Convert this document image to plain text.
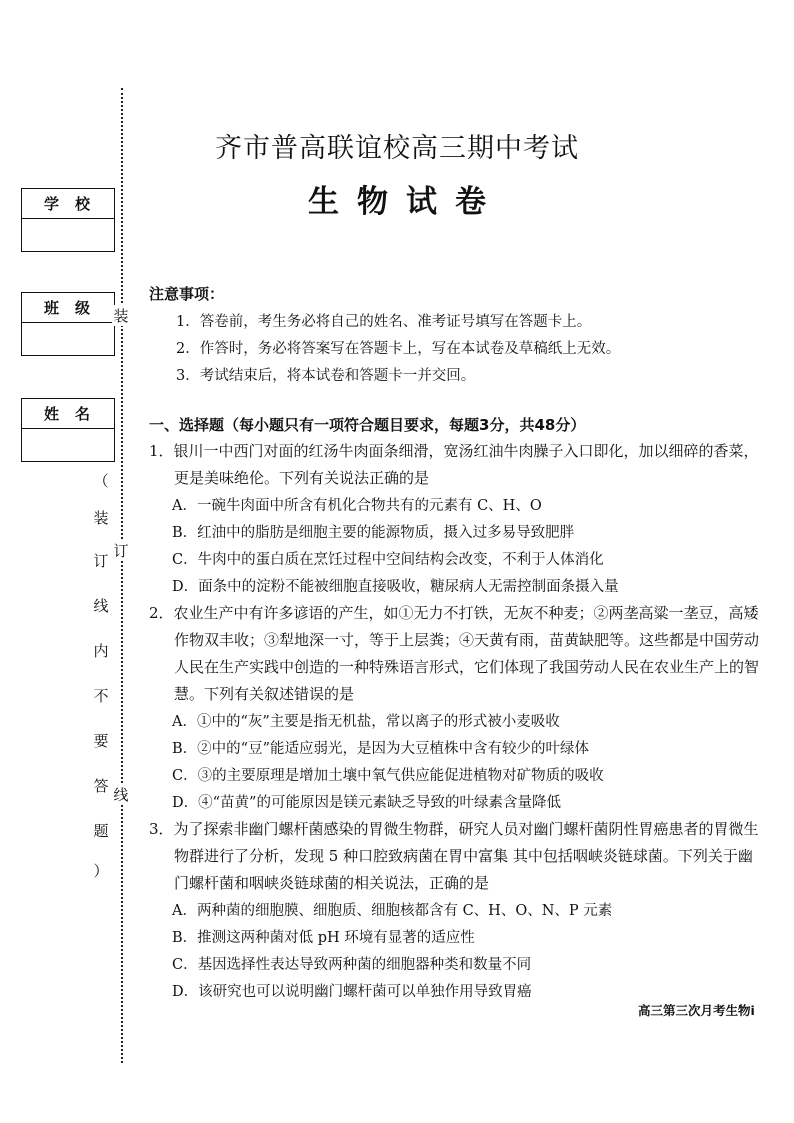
齐市普高联谊校高三期中考试
生物试卷
学校
班级
姓名
装
订
线
（
装
订
线
内
不
要
答
题
）
注意事项：
1．答卷前，考生务必将自己的姓名、准考证号填写在答题卡上。
2．作答时，务必将答案写在答题卡上，写在本试卷及草稿纸上无效。
3．考试结束后，将本试卷和答题卡一并交回。
一、选择题（每小题只有一项符合题目要求，每题3分，共48分）
1．银川一中西门对面的红汤牛肉面条细滑，宽汤红油牛肉臊子入口即化，加以细碎的香菜，
更是美味绝伦。下列有关说法正确的是
A．一碗牛肉面中所含有机化合物共有的元素有 C、H、O
B．红油中的脂肪是细胞主要的能源物质，摄入过多易导致肥胖
C．牛肉中的蛋白质在烹饪过程中空间结构会改变，不利于人体消化
D．面条中的淀粉不能被细胞直接吸收，糖尿病人无需控制面条摄入量
2．农业生产中有许多谚语的产生，如①无力不打铁，无灰不种麦；②两垄高粱一垄豆，高矮
作物双丰收；③犁地深一寸，等于上层粪；④天黄有雨，苗黄缺肥等。这些都是中国劳动
人民在生产实践中创造的一种特殊语言形式，它们体现了我国劳动人民在农业生产上的智
慧。下列有关叙述错误的是
A．①中的“灰”主要是指无机盐，常以离子的形式被小麦吸收
B．②中的“豆”能适应弱光，是因为大豆植株中含有较少的叶绿体
C．③的主要原理是增加土壤中氧气供应能促进植物对矿物质的吸收
D．④“苗黄”的可能原因是镁元素缺乏导致的叶绿素含量降低
3．为了探索非幽门螺杆菌感染的胃微生物群，研究人员对幽门螺杆菌阴性胃癌患者的胃微生
物群进行了分析，发现 5 种口腔致病菌在胃中富集 其中包括咽峡炎链球菌。下列关于幽
门螺杆菌和咽峡炎链球菌的相关说法，正确的是
A．两种菌的细胞膜、细胞质、细胞核都含有 C、H、O、N、P 元素
B．推测这两种菌对低 pH 环境有显著的适应性
C．基因选择性表达导致两种菌的细胞器种类和数量不同
D．该研究也可以说明幽门螺杆菌可以单独作用导致胃癌
高三第三次月考生物i
